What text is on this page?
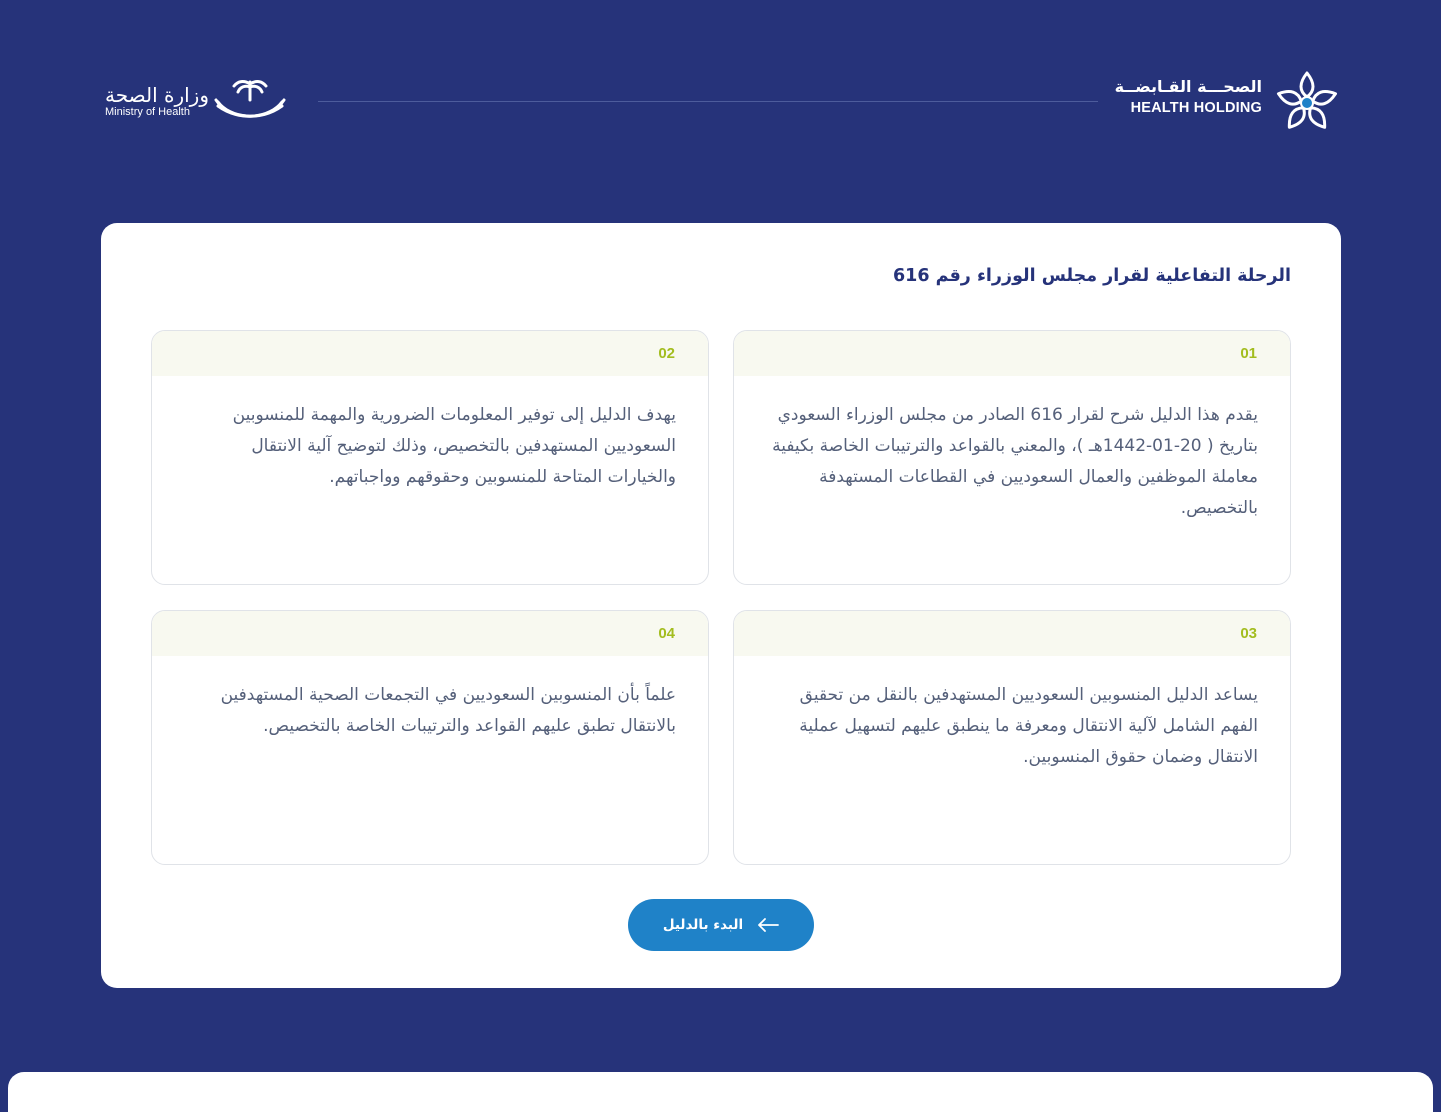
الصحـــة القـابضــة
HEALTH HOLDING
وزارة الصحة
Ministry of Health
الرحلة التفاعلية لقرار مجلس الوزراء رقم 616
01
يقدم هذا الدليل شرح لقرار 616 الصادر من مجلس الوزراء السعودي بتاريخ ( 20-01-1442هـ )، والمعني بالقواعد والترتيبات الخاصة بكيفية معاملة الموظفين والعمال السعوديين في القطاعات المستهدفة بالتخصيص.
02
يهدف الدليل إلى توفير المعلومات الضرورية والمهمة للمنسوبين السعوديين المستهدفين بالتخصيص، وذلك لتوضيح آلية الانتقال والخيارات المتاحة للمنسوبين وحقوقهم وواجباتهم.
03
يساعد الدليل المنسوبين السعوديين المستهدفين بالنقل من تحقيق الفهم الشامل لآلية الانتقال ومعرفة ما ينطبق عليهم لتسهيل عملية الانتقال وضمان حقوق المنسوبين.
04
علماً بأن المنسوبين السعوديين في التجمعات الصحية المستهدفين بالانتقال تطبق عليهم القواعد والترتيبات الخاصة بالتخصيص.
البدء بالدليل
